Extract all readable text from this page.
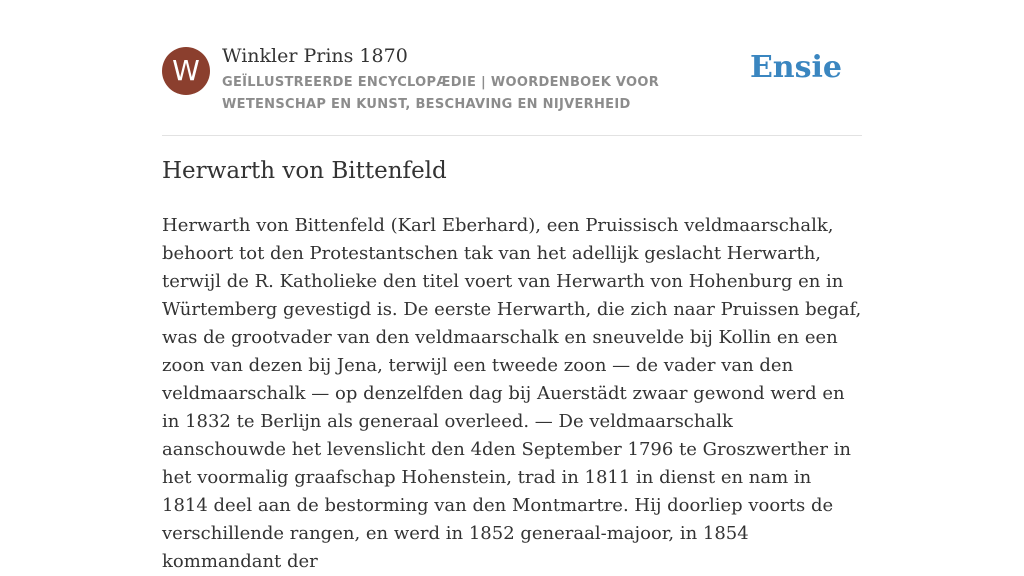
W	Winkler Prins 1870
GEÏLLUSTREERDE ENCYCLOPÆDIE | WOORDENBOEK VOOR WETENSCHAP EN KUNST, BESCHAVING EN NIJVERHEID
Ensie
Herwarth von Bittenfeld

Herwarth von Bittenfeld (Karl Eberhard), een Pruissisch veldmaarschalk, behoort tot den Protestantschen tak van het adellijk geslacht Herwarth, terwijl de R. Katholieke den titel voert van Herwarth von Hohenburg en in Würtemberg gevestigd is. De eerste Herwarth, die zich naar Pruissen begaf, was de grootvader van den veldmaarschalk en sneuvelde bij Kollin en een zoon van dezen bij Jena, terwijl een tweede zoon — de vader van den veldmaarschalk — op denzelfden dag bij Auerstädt zwaar gewond werd en in 1832 te Berlijn als generaal overleed. — De veldmaarschalk aanschouwde het levenslicht den 4den September 1796 te Groszwerther in het voormalig graafschap Hohenstein, trad in 1811 in dienst en nam in 1814 deel aan de bestorming van den Montmartre. Hij doorliep voorts de verschillende rangen, en werd in 1852 generaal-majoor, in 1854 kommandant der
